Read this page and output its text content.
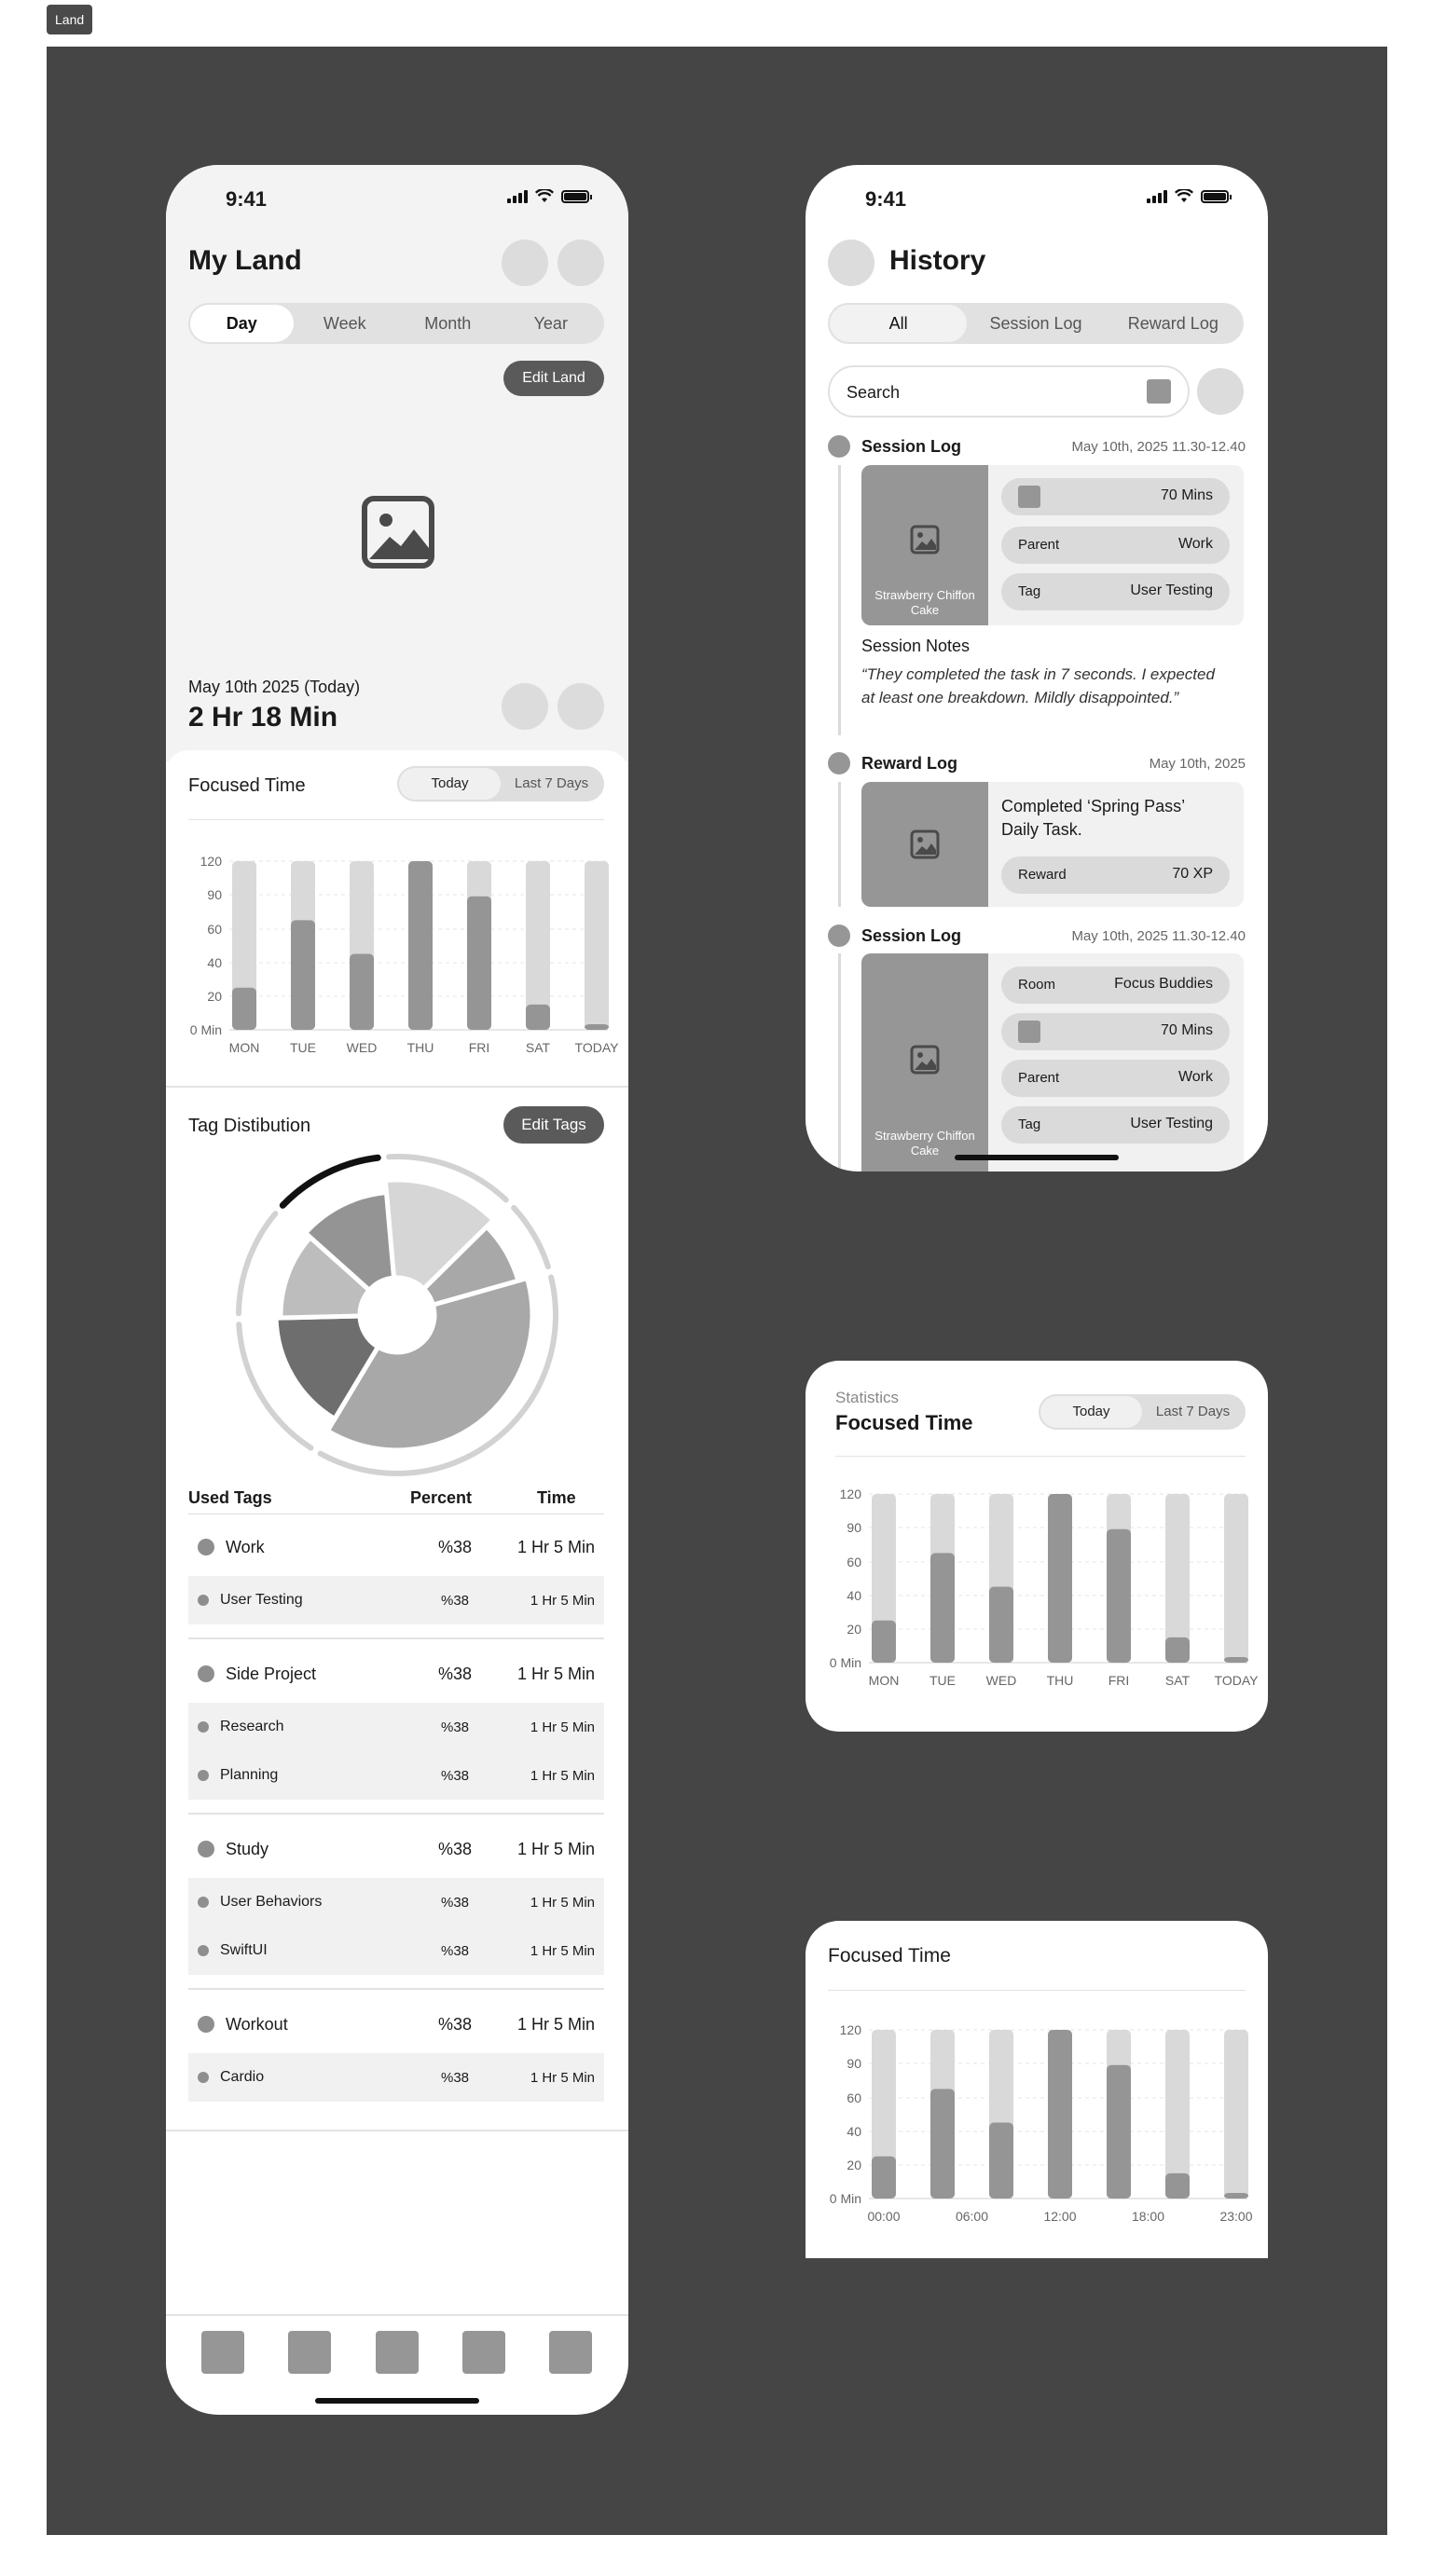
Land
9:41
My Land
Day	Week	Month	Year
Edit Land
May 10th 2025 (Today)
2 Hr 18 Min
Focused Time	Today	Last 7 Days
0 Min
20
40
60
90
120
MON TUE WED THU	FRI	SAT TODAY
Tag Distibution	Edit Tags
Used Tags	Percent	Time
Work	%38	1 Hr 5 Min
User Testing	%38	1 Hr 5 Min
Side Project	%38	1 Hr 5 Min
Research	%38	1 Hr 5 Min
Planning	%38	1 Hr 5 Min
Study	%38	1 Hr 5 Min
User Behaviors	%38	1 Hr 5 Min
SwiftUI	%38	1 Hr 5 Min
Workout	%38	1 Hr 5 Min
Cardio	%38	1 Hr 5 Min
9:41
History
All	Session Log	Reward Log
Search
Session Log	May 10th, 2025 11.30-12.40
Strawberry Chiffon Cake
70 Mins
Parent	Work
Tag	User Testing
Session Notes
“They completed the task in 7 seconds. I expected at least one breakdown. Mildly disappointed.”
Reward Log	May 10th, 2025
Completed ‘Spring Pass’ Daily Task.
Reward	70 XP
Session Log	May 10th, 2025 11.30-12.40
Strawberry Chiffon Cake
Room	Focus Buddies
70 Mins
Parent	Work
Tag	User Testing
Statistics
Focused Time	Today	Last 7 Days
0 Min
20
40
60
90
120
MON TUE WED THU	FRI	SAT TODAY
Focused Time
0 Min
20
40
60
90
120
00:00	06:00	12:00	18:00	23:00
